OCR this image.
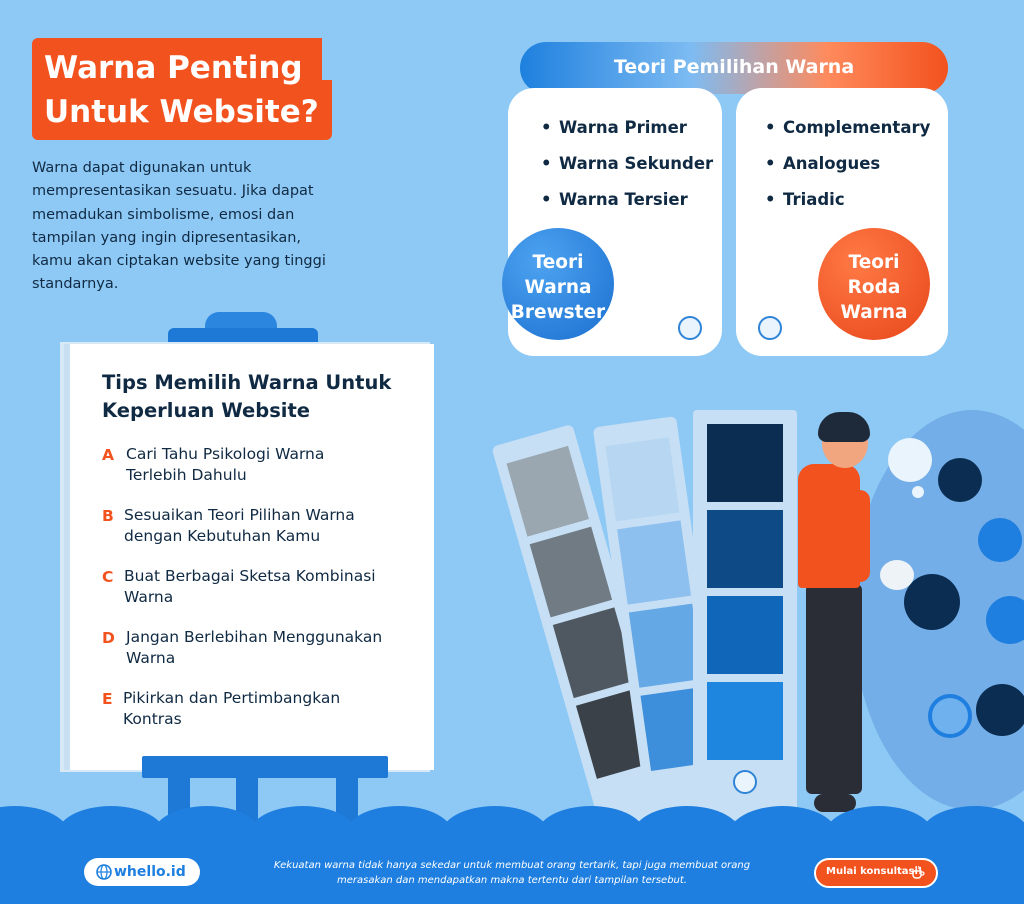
Warna Penting
Untuk Website?
Warna dapat digunakan untuk
mempresentasikan sesuatu. Jika dapat
memadukan simbolisme, emosi dan
tampilan yang ingin dipresentasikan,
kamu akan ciptakan website yang tinggi
standarnya.
Teori Pemilihan Warna
• Warna Primer
• Warna Sekunder
• Warna Tersier
• Complementary
• Analogues
• Triadic
Teori
Warna
Brewster
Teori
Roda
Warna
Tips Memilih Warna Untuk
Keperluan Website
A Cari Tahu Psikologi Warna
Terlebih Dahulu
B Sesuaikan Teori Pilihan Warna
dengan Kebutuhan Kamu
C Buat Berbagai Sketsa Kombinasi
Warna
D Jangan Berlebihan Menggunakan
Warna
E Pikirkan dan Pertimbangkan
Kontras
whello.id	Kekuatan warna tidak hanya sekedar untuk membuat orang tertarik, tapi juga membuat orang
merasakan dan mendapatkan makna tertentu dari tampilan tersebut.
Mulai konsultasi!
